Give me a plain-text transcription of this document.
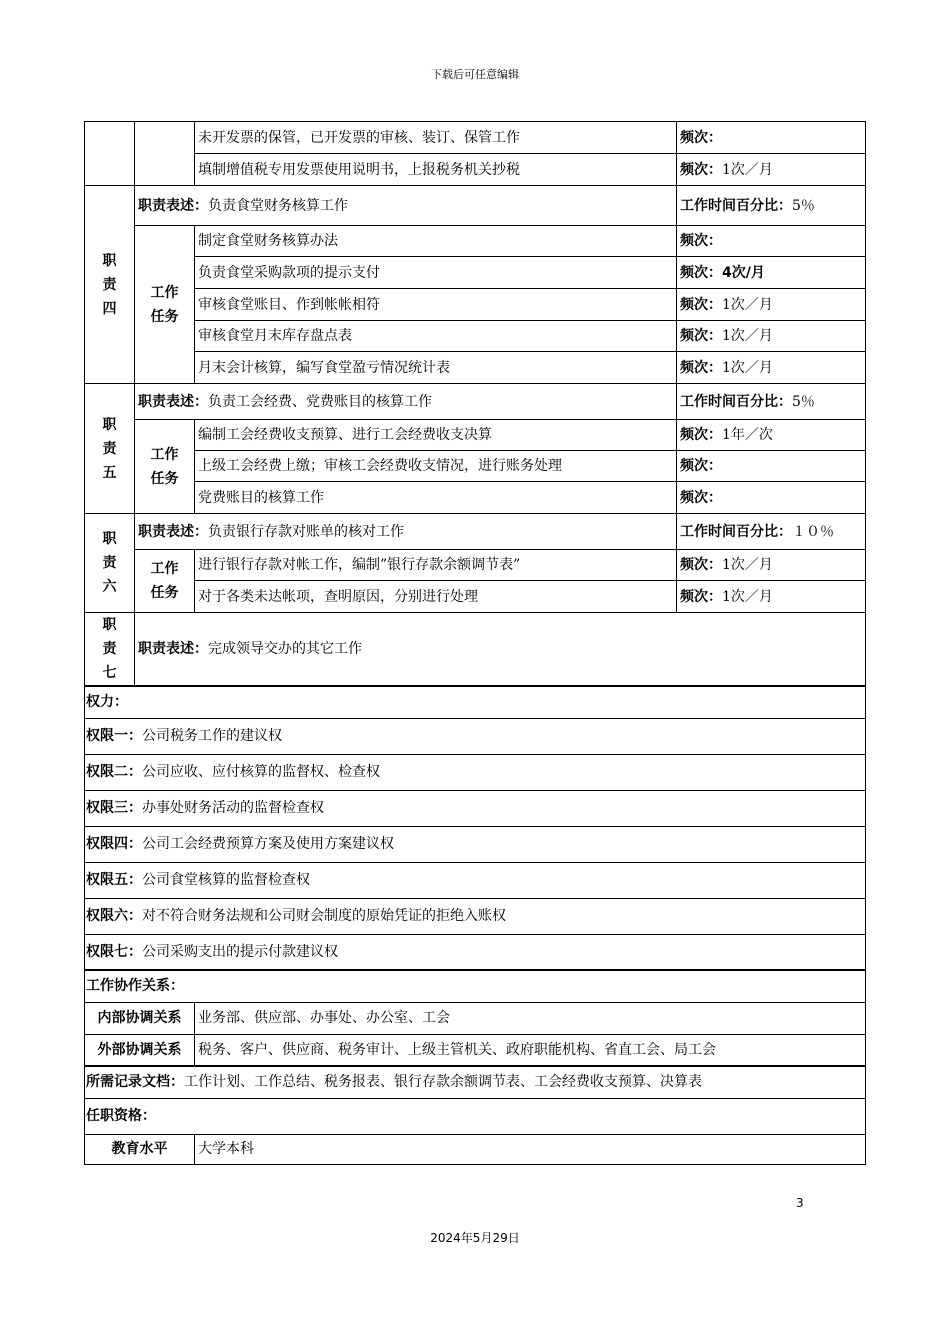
下载后可任意编辑
		未开发票的保管，已开发票的审核、装订、保管工作	频次：
		填制增值税专用发票使用说明书，上报税务机关抄税	频次：1次／月
职
责
四	职责表述：负责食堂财务核算工作		工作时间百分比：5％
	工作
任务	制定食堂财务核算办法	频次：
		负责食堂采购款项的提示支付	频次：4次/月
		审核食堂账目、作到帐帐相符	频次：1次／月
		审核食堂月末库存盘点表	频次：1次／月
		月末会计核算，编写食堂盈亏情况统计表	频次：1次／月
职
责
五	职责表述：负责工会经费、党费账目的核算工作		工作时间百分比：5％
	工作
任务	编制工会经费收支预算、进行工会经费收支决算	频次：1年／次
		上级工会经费上缴；审核工会经费收支情况，进行账务处理	频次：
		党费账目的核算工作	频次：
职
责
六	职责表述：负责银行存款对账单的核对工作		工作时间百分比：１０％
	工作
任务	进行银行存款对帐工作，编制”银行存款余额调节表”	频次：1次／月
		对于各类未达帐项，查明原因，分别进行处理	频次：1次／月
职
责
七	职责表述：完成领导交办的其它工作		
权力：			
权限一：公司税务工作的建议权			
权限二：公司应收、应付核算的监督权、检查权			
权限三：办事处财务活动的监督检查权			
权限四：公司工会经费预算方案及使用方案建议权			
权限五：公司食堂核算的监督检查权			
权限六：对不符合财务法规和公司财会制度的原始凭证的拒绝入账权			
权限七：公司采购支出的提示付款建议权			
工作协作关系：			
内部协调关系		业务部、供应部、办事处、办公室、工会	
外部协调关系		税务、客户、供应商、税务审计、上级主管机关、政府职能机构、省直工会、局工会	
所需记录文档：工作计划、工作总结、税务报表、银行存款余额调节表、工会经费收支预算、决算表			
任职资格：			
教育水平		大学本科	
3
2024年5月29日
